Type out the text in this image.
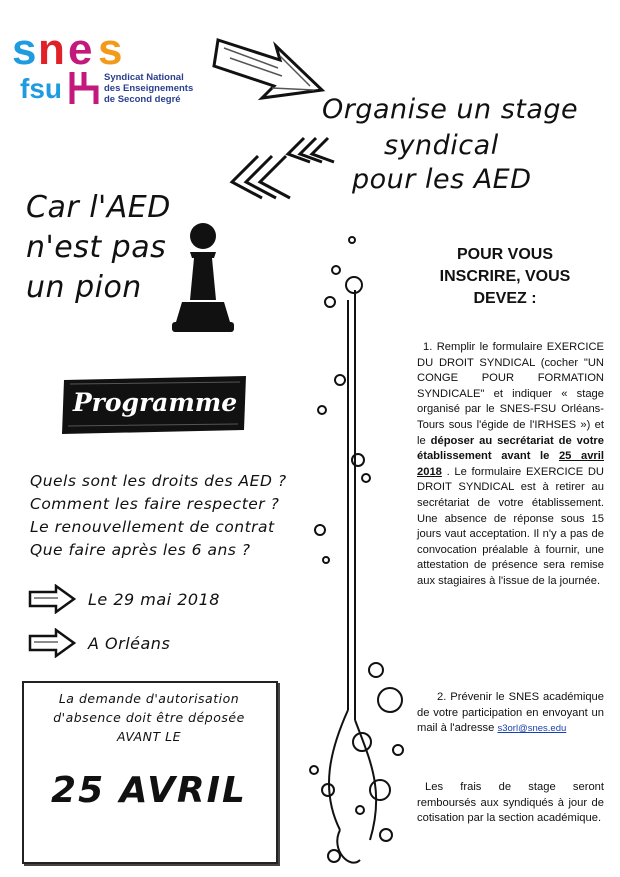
s n e s
fsu	Syndicat National
des Enseignements
de Second degré	Organise un stage
syndical
pour les AED
Car l'AED
n'est pas
un pion
POUR VOUS
INSCRIRE, VOUS
DEVEZ :

1. Remplir le formulaire EXERCICE DU DROIT SYNDICAL (cocher "UN CONGE POUR FORMATION SYNDICALE" et indiquer « stage organisé par le SNES-FSU Orléans-Tours sous l'égide de l'IRHSES ») et le déposer au secrétariat de votre établissement avant le 25 avril 2018 . Le formulaire EXERCICE DU DROIT SYNDICAL est à retirer au secrétariat de votre établissement. Une absence de réponse sous 15 jours vaut acceptation. Il n'y a pas de convocation préalable à fournir, une attestation de présence sera remise aux stagiaires à l'issue de la journée.

2. Prévenir le SNES académique de votre participation en envoyant un mail à l'adresse s3orl@snes.edu

Les frais de stage seront remboursés aux syndiqués à jour de cotisation par la section académique.

Programme
Quels sont les droits des AED ?
Comment les faire respecter ?
Le renouvellement de contrat
Que faire après les 6 ans ?
Le 29 mai 2018
A Orléans
La demande d'autorisation
d'absence doit être déposée
AVANT LE
25 AVRIL
